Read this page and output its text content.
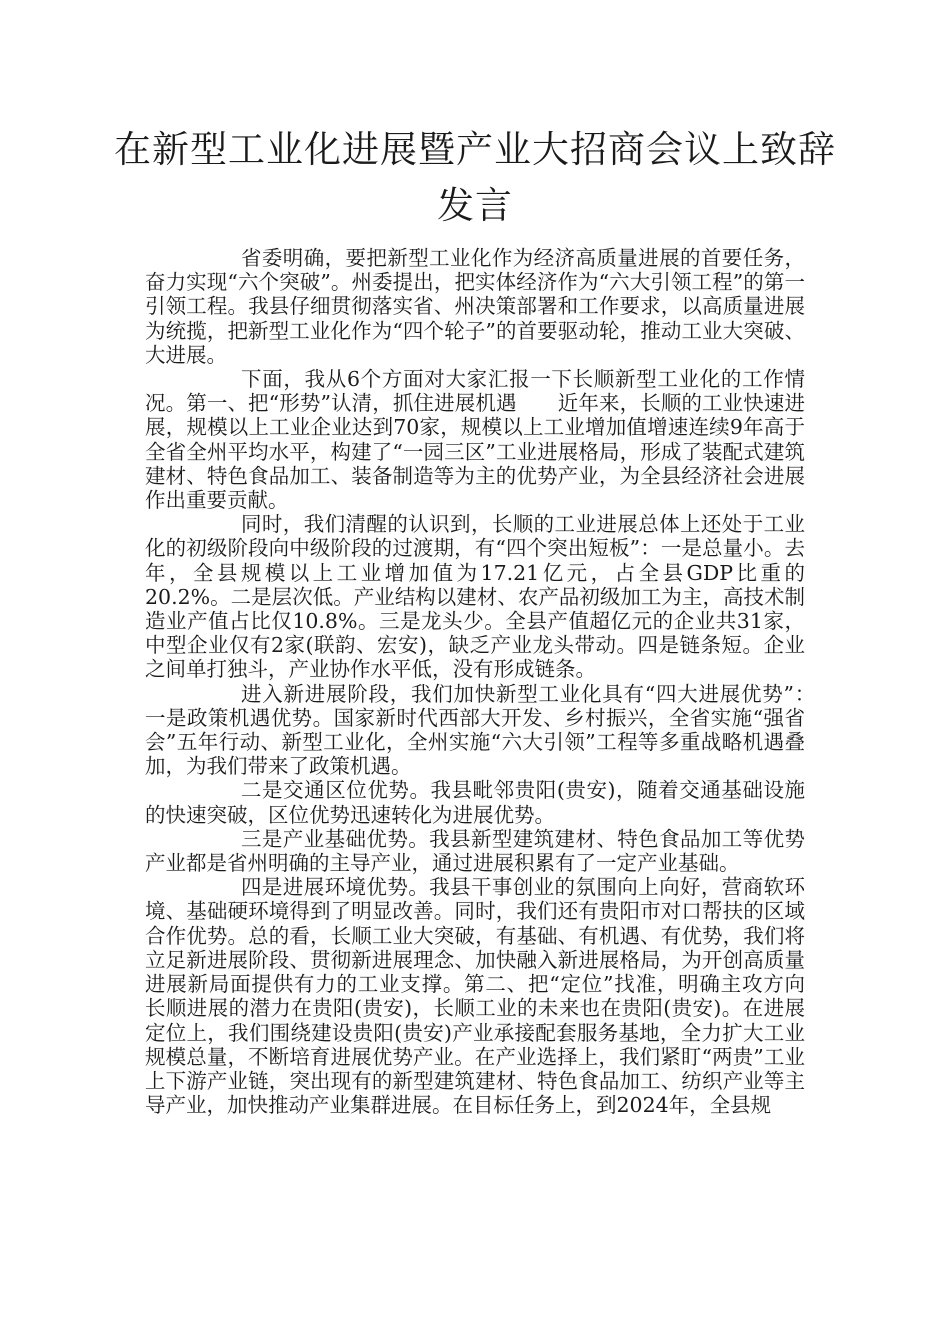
在新型工业化进展暨产业大招商会议上致辞发言

省委明确，要把新型工业化作为经济高质量进展的首要任务，奋力实现“六个突破”。州委提出，把实体经济作为“六大引领工程”的第一引领工程。我县仔细贯彻落实省、州决策部署和工作要求，以高质量进展为统揽，把新型工业化作为“四个轮子”的首要驱动轮，推动工业大突破、大进展。

下面，我从6个方面对大家汇报一下长顺新型工业化的工作情况。第一、把“形势”认清，抓住进展机遇　　近年来，长顺的工业快速进展，规模以上工业企业达到70家，规模以上工业增加值增速连续9年高于全省全州平均水平，构建了“一园三区”工业进展格局，形成了装配式建筑建材、特色食品加工、装备制造等为主的优势产业，为全县经济社会进展作出重要贡献。

同时，我们清醒的认识到，长顺的工业进展总体上还处于工业化的初级阶段向中级阶段的过渡期，有“四个突出短板”：一是总量小。去年，全县规模以上工业增加值为17.21亿元，占全县GDP比重的20.2%。二是层次低。产业结构以建材、农产品初级加工为主，高技术制造业产值占比仅10.8%。三是龙头少。全县产值超亿元的企业共31家，中型企业仅有2家(联韵、宏安)，缺乏产业龙头带动。四是链条短。企业之间单打独斗，产业协作水平低，没有形成链条。

进入新进展阶段，我们加快新型工业化具有“四大进展优势”：　　一是政策机遇优势。国家新时代西部大开发、乡村振兴，全省实施“强省会”五年行动、新型工业化，全州实施“六大引领”工程等多重战略机遇叠加，为我们带来了政策机遇。

二是交通区位优势。我县毗邻贵阳(贵安)，随着交通基础设施的快速突破，区位优势迅速转化为进展优势。

三是产业基础优势。我县新型建筑建材、特色食品加工等优势产业都是省州明确的主导产业，通过进展积累有了一定产业基础。

四是进展环境优势。我县干事创业的氛围向上向好，营商软环境、基础硬环境得到了明显改善。同时，我们还有贵阳市对口帮扶的区域合作优势。总的看，长顺工业大突破，有基础、有机遇、有优势，我们将立足新进展阶段、贯彻新进展理念、加快融入新进展格局，为开创高质量进展新局面提供有力的工业支撑。第二、把“定位”找准，明确主攻方向　　长顺进展的潜力在贵阳(贵安)，长顺工业的未来也在贵阳(贵安)。在进展定位上，我们围绕建设贵阳(贵安)产业承接配套服务基地，全力扩大工业规模总量，不断培育进展优势产业。在产业选择上，我们紧盯“两贵”工业上下游产业链，突出现有的新型建筑建材、特色食品加工、纺织产业等主导产业，加快推动产业集群进展。在目标任务上，到2024年，全县规
